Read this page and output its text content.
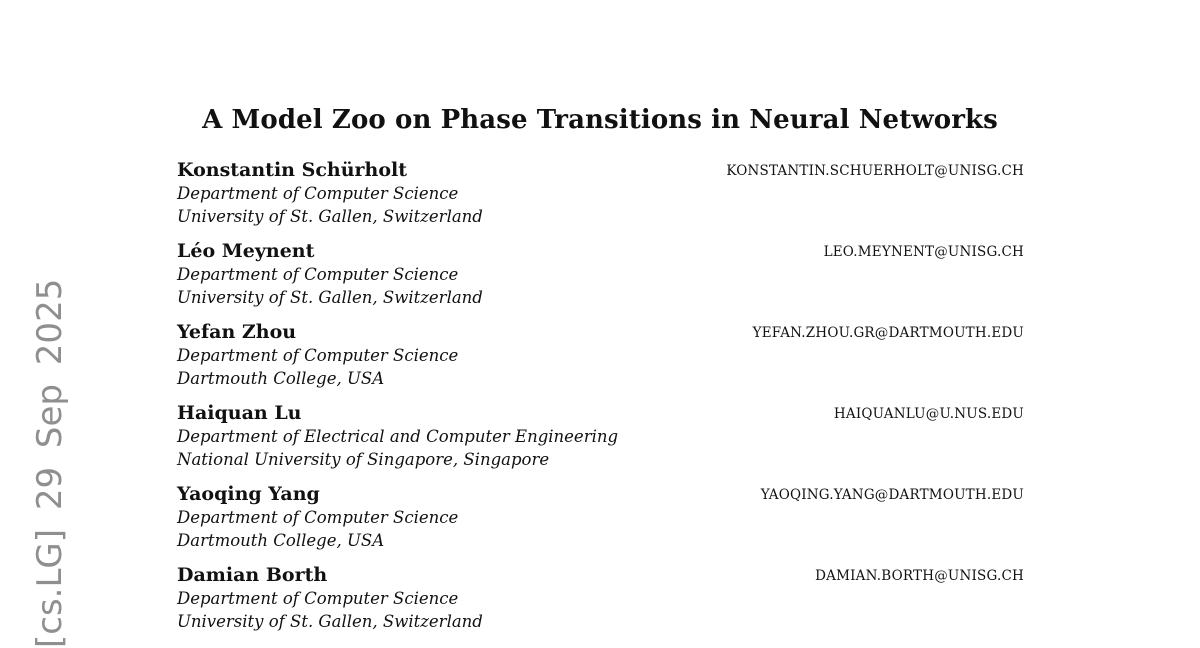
[cs.LG] 29 Sep 2025
A Model Zoo on Phase Transitions in Neural Networks
Konstantin Schürholt	KONSTANTIN.SCHUERHOLT@UNISG.CH
Department of Computer Science
University of St. Gallen, Switzerland
Léo Meynent	LEO.MEYNENT@UNISG.CH
Department of Computer Science
University of St. Gallen, Switzerland
Yefan Zhou	YEFAN.ZHOU.GR@DARTMOUTH.EDU
Department of Computer Science
Dartmouth College, USA
Haiquan Lu	HAIQUANLU@U.NUS.EDU
Department of Electrical and Computer Engineering
National University of Singapore, Singapore
Yaoqing Yang	YAOQING.YANG@DARTMOUTH.EDU
Department of Computer Science
Dartmouth College, USA
Damian Borth	DAMIAN.BORTH@UNISG.CH
Department of Computer Science
University of St. Gallen, Switzerland
